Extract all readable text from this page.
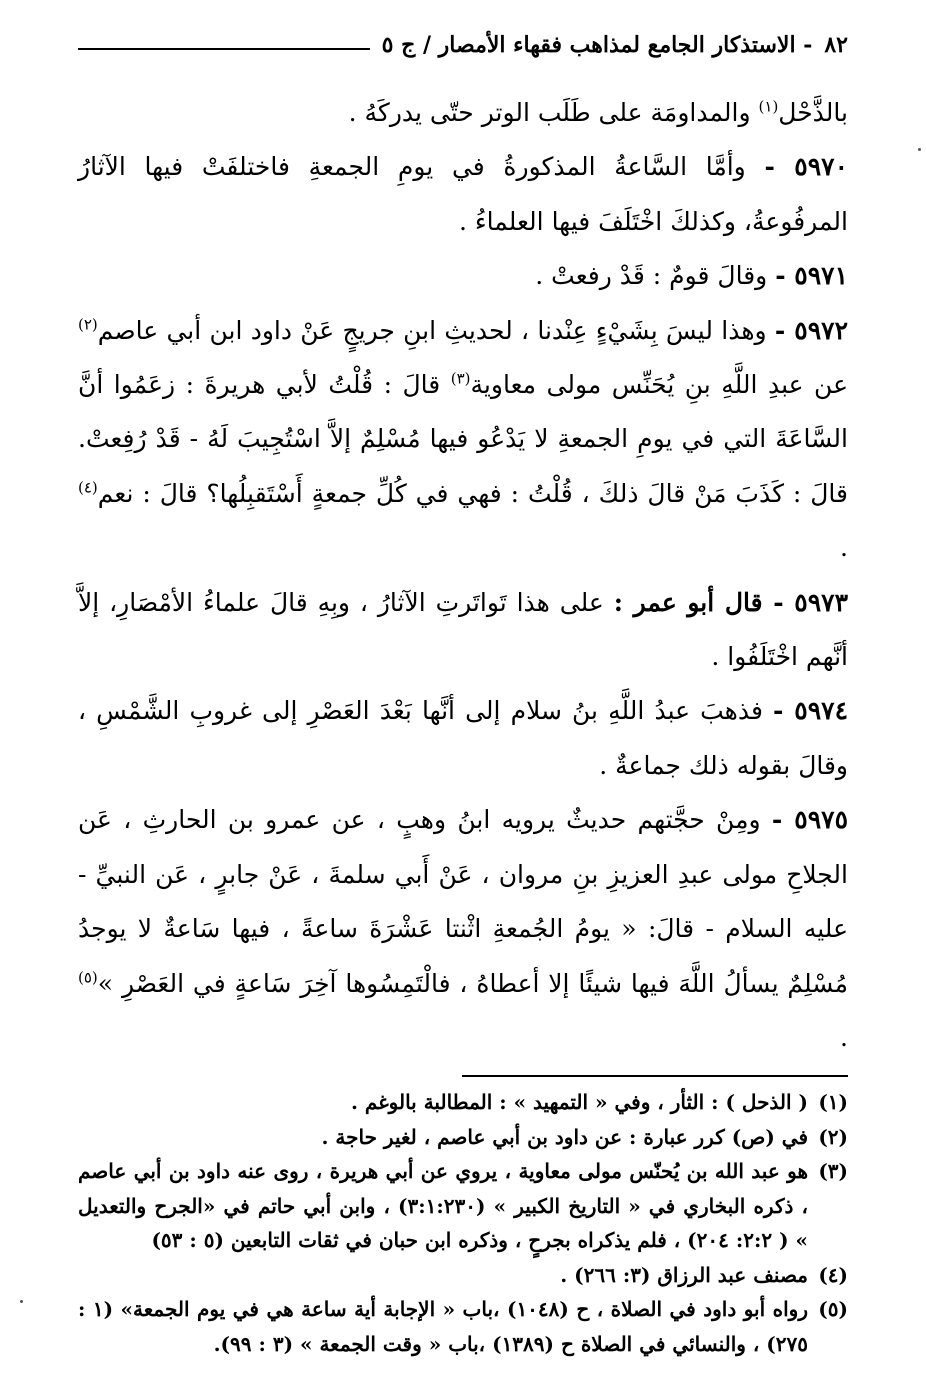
٨٢
- الاستذكار الجامع لمذاهب فقهاء الأمصار / ج ٥

بالذَّحْل$^{(١)}$ والمداومَة على طَلَب الوتر حتّى يدركَهُ .

٥٩٧٠ - وأمَّا السَّاعةُ المذكورةُ في يومِ الجمعةِ فاختلفَتْ فيها الآثارُ المرفُوعةُ، وكذلكَ اخْتَلَفَ فيها العلماءُ .

٥٩٧١ - وقالَ قومٌ : قَدْ رفعتْ .

٥٩٧٢ - وهذا ليسَ بِشَيْءٍ عِنْدنا ، لحديثِ ابنِ جريجٍ عَنْ داود ابن أبي عاصم$^{(٢)}$ عن عبدِ اللَّهِ بنِ يُحَنِّس مولى معاوية$^{(٣)}$ قالَ : قُلْتُ لأبي هريرةَ : زعَمُوا أنَّ السَّاعَةَ التي في يومِ الجمعةِ لا يَدْعُو فيها مُسْلِمٌ إلاَّ اسْتُجِيبَ لَهُ - قَدْ رُفِعتْ. قالَ : كَذَبَ مَنْ قالَ ذلكَ ، قُلْتُ : فهي في كُلِّ جمعةٍ أَسْتَقبِلُها؟ قالَ : نعم$^{(٤)}$ .

٥٩٧٣ - قال أبو عمر : على هذا تَواتَرتِ الآثارُ ، وبِهِ قالَ علماءُ الأمْصَارِ، إلاَّ أنَّهم اخْتَلَفُوا .

٥٩٧٤ - فذهبَ عبدُ اللَّهِ بنُ سلام إلى أنَّها بَعْدَ العَصْرِ إلى غروبِ الشَّمْسِ ، وقالَ بقوله ذلك جماعةٌ .

٥٩٧٥ - ومِنْ حجَّتهم حديثٌ يرويه ابنُ وهبٍ ، عن عمرو بن الحارثِ ، عَن الجلاحِ مولى عبدِ العزيزِ بنِ مروان ، عَنْ أَبي سلمةَ ، عَنْ جابرٍ ، عَن النبيِّ - عليه السلام - قالَ: « يومُ الجُمعةِ اثْنتا عَشْرَةَ ساعةً ، فيها سَاعةٌ لا يوجدُ مُسْلِمٌ يسألُ اللَّهَ فيها شيئًا إلا أعطاهُ ، فالْتَمِسُوها آخِرَ سَاعةٍ في العَصْرِ »$^{(٥)}$ .

(١)( الذحل ) : الثأر ، وفي « التمهيد » : المطالبة بالوغم .

(٢)في (ص) كرر عبارة : عن داود بن أبي عاصم ، لغير حاجة .

(٣)هو عبد الله بن يُحنّس مولى معاوية ، يروي عن أبي هريرة ، روى عنه داود بن أبي عاصم ، ذكره البخاري في « التاريخ الكبير » (٣:١:٢٣٠) ، وابن أبي حاتم في «الجرح والتعديل » ( ٢:٢: ٢٠٤) ، فلم يذكراه بجرحٍ ، وذكره ابن حبان في ثقات التابعين (٥ : ٥٣)

(٤)مصنف عبد الرزاق (٣: ٢٦٦) .

(٥)رواه أبو داود في الصلاة ، ح (١٠٤٨) ،باب « الإجابة أية ساعة هي في يوم الجمعة» (١ : ٢٧٥) ، والنسائي في الصلاة ح (١٣٨٩) ،باب « وقت الجمعة » (٣ : ٩٩).
